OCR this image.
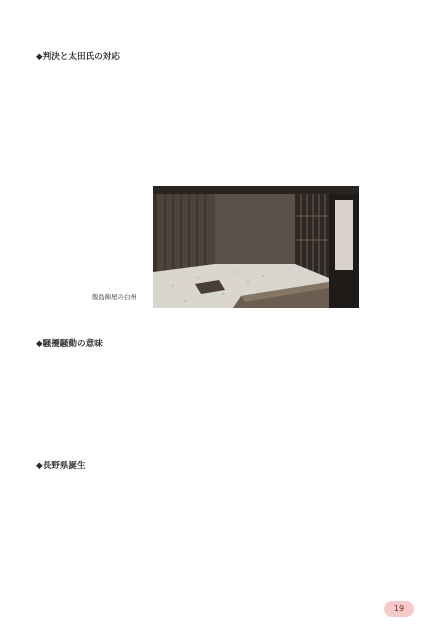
◆判決と太田氏の対応

飯島陣屋の白州
◆騒擾騒動の意味

◆長野県誕生

19
